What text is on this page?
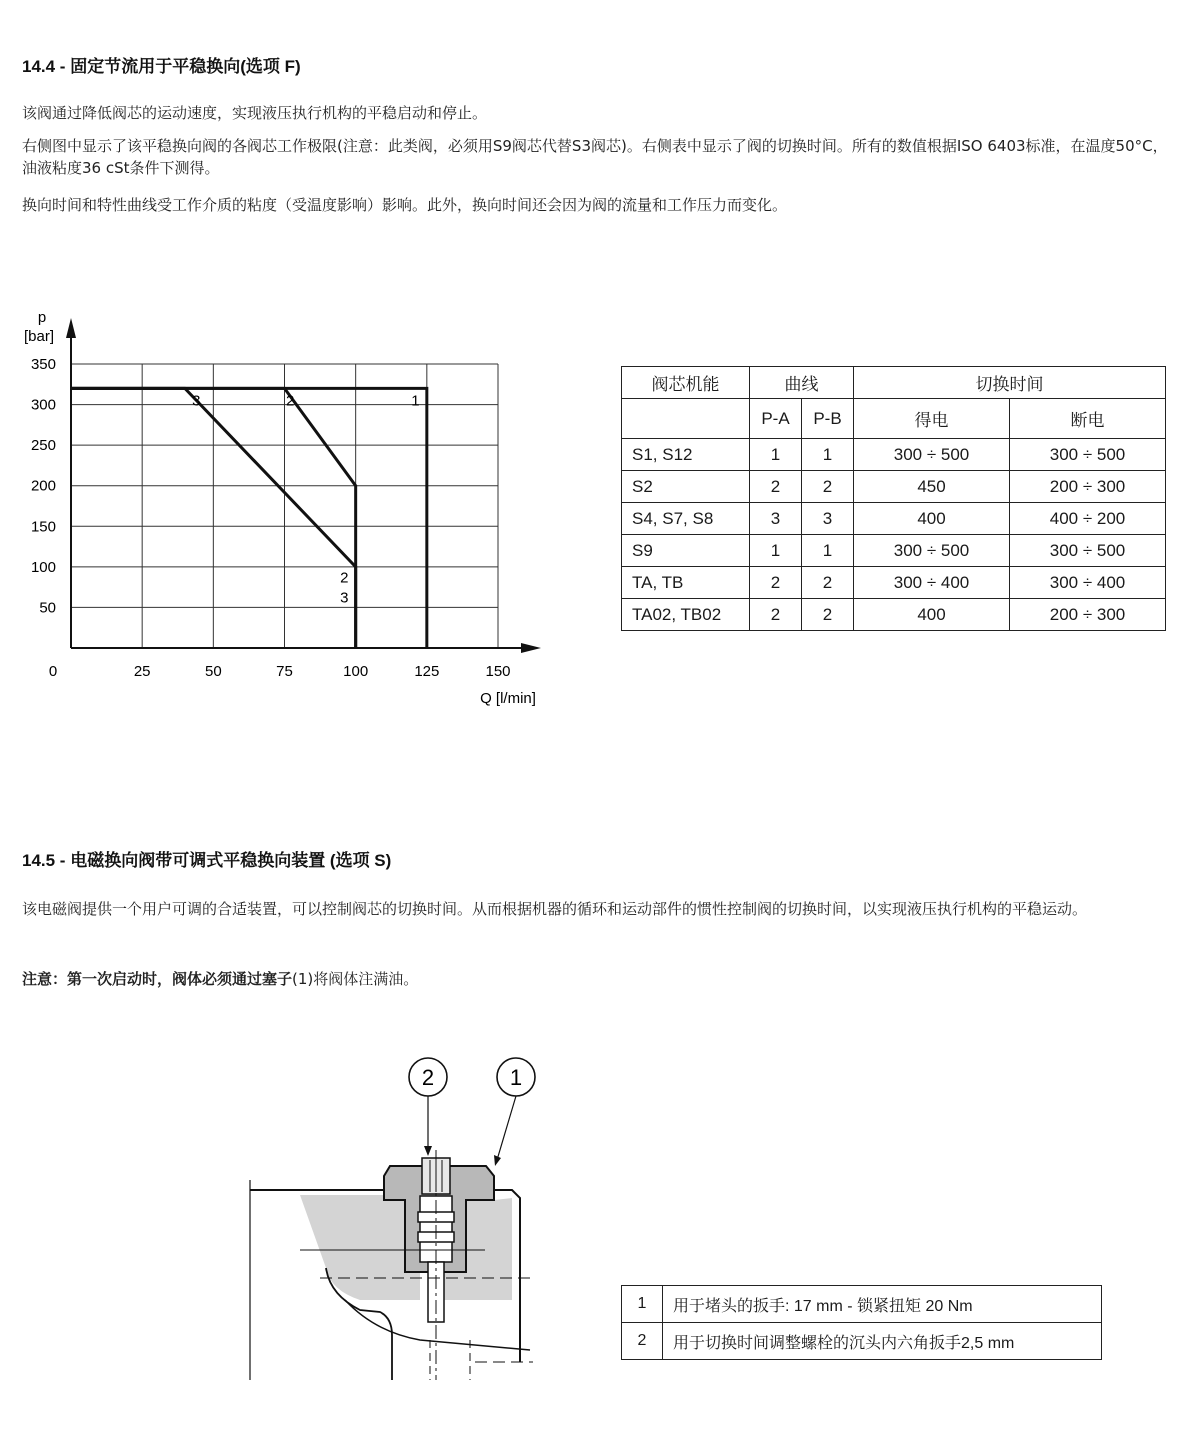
14.4 - 固定节流用于平稳换向(选项 F)
该阀通过降低阀芯的运动速度，实现液压执行机构的平稳启动和停止。
右侧图中显示了该平稳换向阀的各阀芯工作极限(注意：此类阀，必须用S9阀芯代替S3阀芯)。右侧表中显示了阀的切换时间。所有的数值根据ISO 6403标准，在温度50°C，油液粘度36 cSt条件下测得。
换向时间和特性曲线受工作介质的粘度（受温度影响）影响。此外，换向时间还会因为阀的流量和工作压力而变化。
0	25	50	75	100	125	150
50
100
150
200
250
300
350
3	2	1
2
3
p
[bar]
Q [l/min]
阀芯机能	曲线		切换时间	
	P-A	P-B	得电	断电
S1, S12	1	1	300 ÷ 500	300 ÷ 500
S2	2	2	450	200 ÷ 300
S4, S7, S8	3	3	400	400 ÷ 200
S9	1	1	300 ÷ 500	300 ÷ 500
TA, TB	2	2	300 ÷ 400	300 ÷ 400
TA02, TB02	2	2	400	200 ÷ 300
14.5 - 电磁换向阀带可调式平稳换向装置 (选项 S)
该电磁阀提供一个用户可调的合适装置，可以控制阀芯的切换时间。从而根据机器的循环和运动部件的惯性控制阀的切换时间，以实现液压执行机构的平稳运动。
注意：第一次启动时，阀体必须通过塞子(1)将阀体注满油。
2	1
1	用于堵头的扳手: 17 mm - 锁紧扭矩 20 Nm
2	用于切换时间调整螺栓的沉头内六角扳手2,5 mm
